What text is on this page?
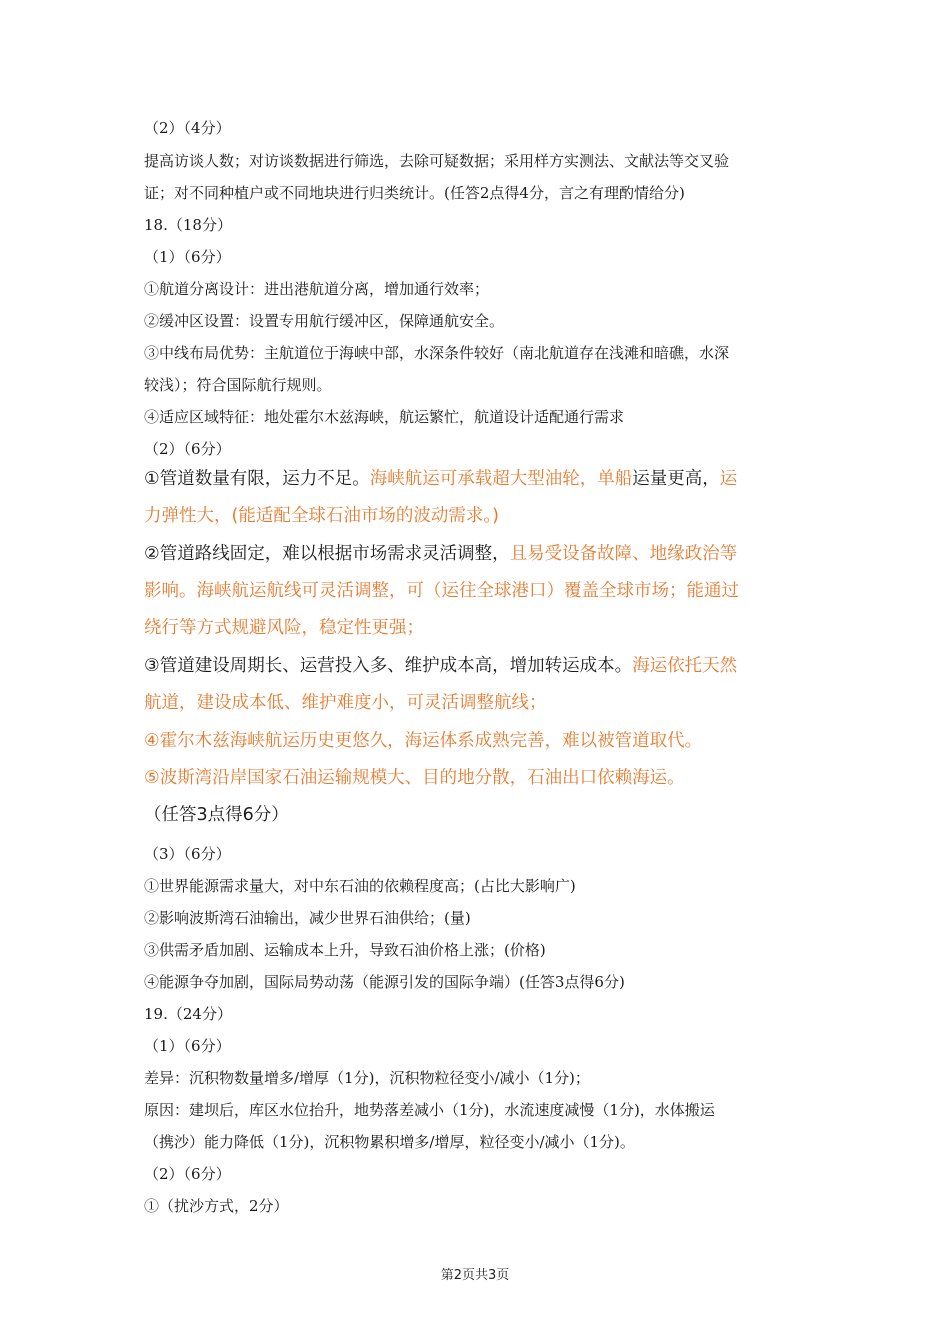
（2）（4分）
提高访谈人数；对访谈数据进行筛选，去除可疑数据；采用样方实测法、文献法等交叉验
证；对不同种植户或不同地块进行归类统计。(任答2点得4分，言之有理酌情给分)
18.（18分）
（1）（6分）
①航道分离设计：进出港航道分离，增加通行效率；
②缓冲区设置：设置专用航行缓冲区，保障通航安全。
③中线布局优势：主航道位于海峡中部，水深条件较好（南北航道存在浅滩和暗礁，水深
较浅）；符合国际航行规则。
④适应区域特征：地处霍尔木兹海峡，航运繁忙，航道设计适配通行需求
（2）（6分）
①管道数量有限，运力不足。海峡航运可承载超大型油轮，单船运量更高，运
力弹性大，(能适配全球石油市场的波动需求。)
②管道路线固定，难以根据市场需求灵活调整，且易受设备故障、地缘政治等
影响。海峡航运航线可灵活调整，可（运往全球港口）覆盖全球市场；能通过
绕行等方式规避风险，稳定性更强；
③管道建设周期长、运营投入多、维护成本高，增加转运成本。海运依托天然
航道，建设成本低、维护难度小，可灵活调整航线；
④霍尔木兹海峡航运历史更悠久，海运体系成熟完善，难以被管道取代。
⑤波斯湾沿岸国家石油运输规模大、目的地分散，石油出口依赖海运。
（任答3点得6分）
（3）（6分）
①世界能源需求量大，对中东石油的依赖程度高；(占比大影响广)
②影响波斯湾石油输出，减少世界石油供给；(量)
③供需矛盾加剧、运输成本上升，导致石油价格上涨；(价格)
④能源争夺加剧，国际局势动荡（能源引发的国际争端）(任答3点得6分)
19.（24分）
（1）（6分）
差异：沉积物数量增多/增厚（1分)，沉积物粒径变小/减小（1分)；
原因：建坝后，库区水位抬升，地势落差减小（1分)，水流速度减慢（1分)，水体搬运
（携沙）能力降低（1分)，沉积物累积增多/增厚，粒径变小/减小（1分)。
（2）（6分）
①（扰沙方式，2分）
第2页共3页
